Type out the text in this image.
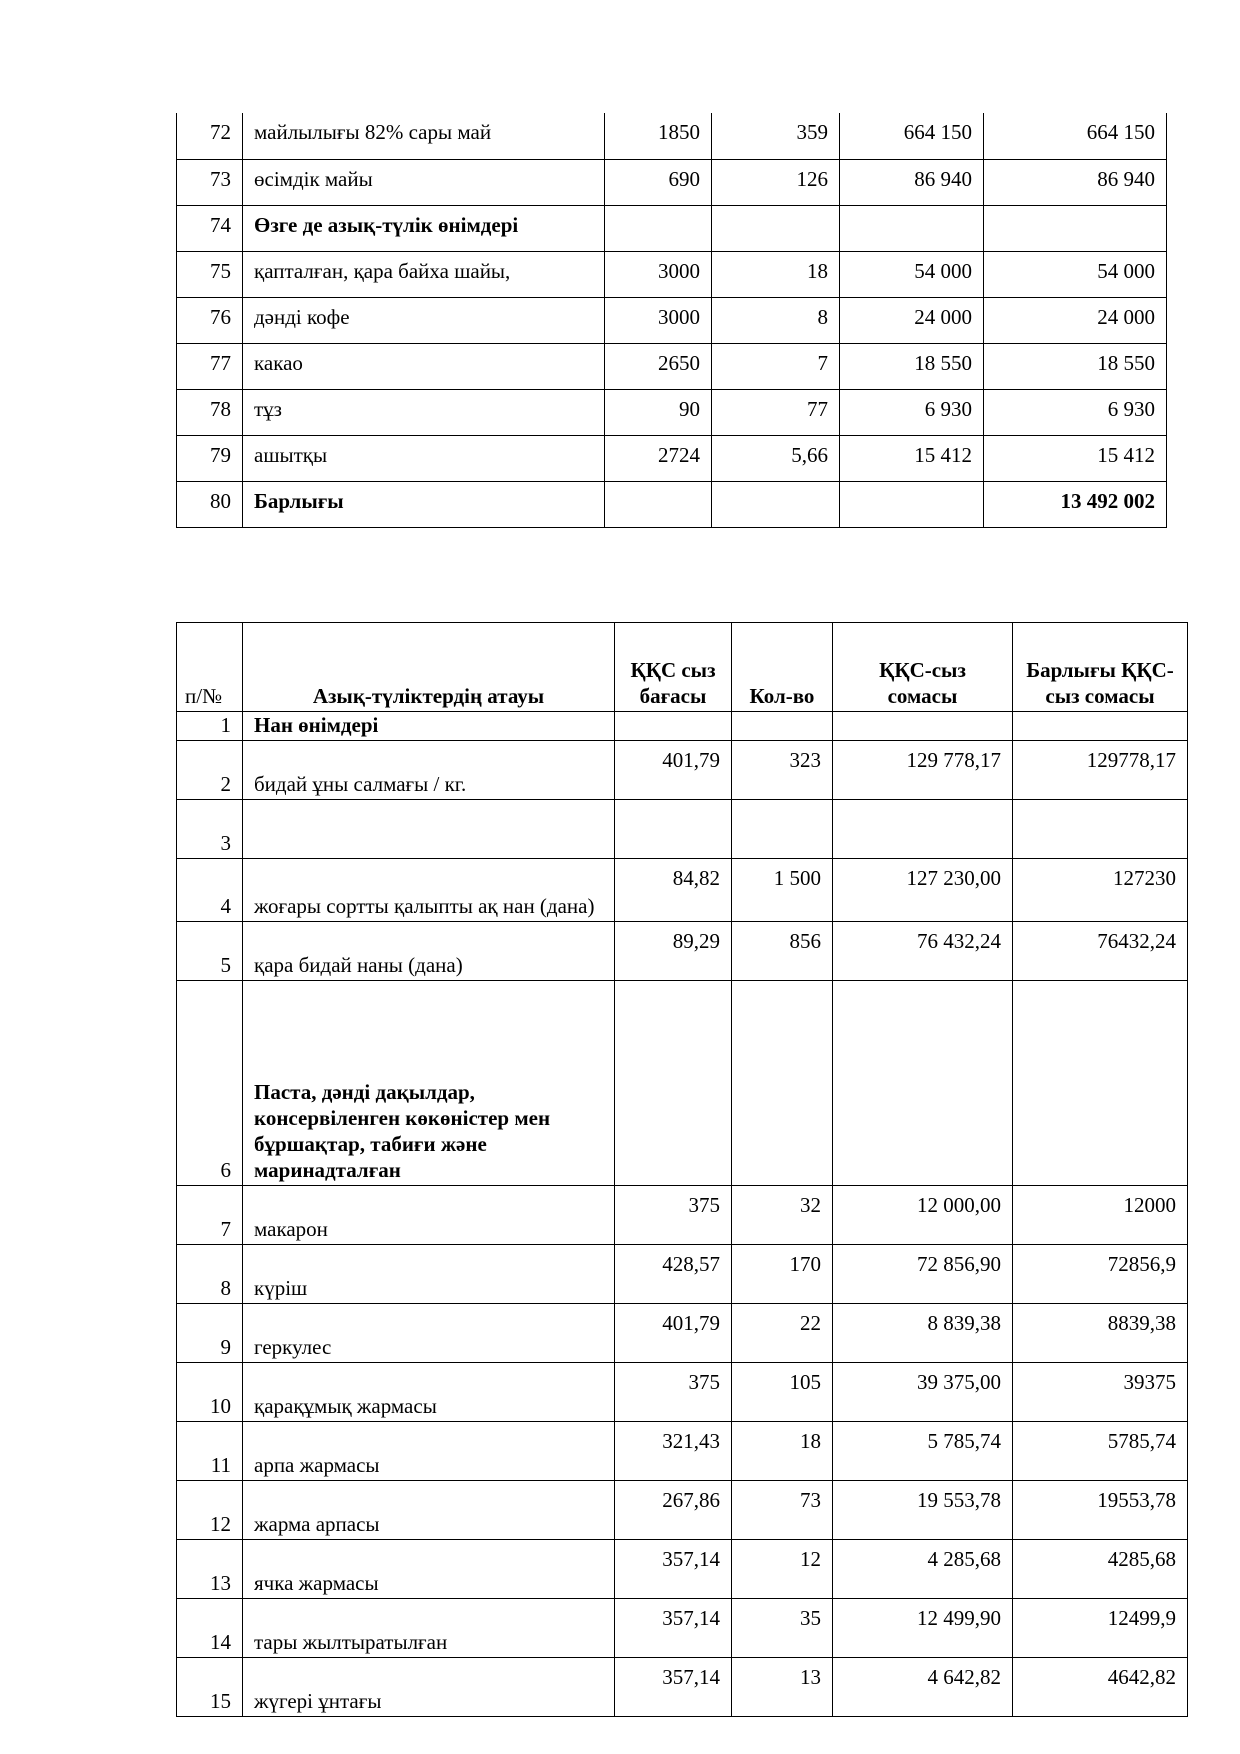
72	майлылығы 82% сары май	1850	359	664 150	664 150
73	өсімдік майы	690	126	86 940	86 940
74	Өзге де азық-түлік өнімдері				
75	қапталған, қара байха шайы,	3000	18	54 000	54 000
76	дәнді кофе	3000	8	24 000	24 000
77	какао	2650	7	18 550	18 550
78	тұз	90	77	6 930	6 930
79	ашытқы	2724	5,66	15 412	15 412
80	Барлығы				13 492 002
п/№	Азық-түліктердің атауы	ҚҚС сыз бағасы	Кол-во	ҚҚС-сыз сомасы	Барлығы ҚҚС-сыз сомасы
1	Нан өнімдері				
2	бидай ұны салмағы / кг.	401,79	323	129 778,17	129778,17
3					
4	жоғары сортты қалыпты ақ нан (дана)	84,82	1 500	127 230,00	127230
5	қара бидай наны (дана)	89,29	856	76 432,24	76432,24
6	Паста, дәнді дақылдар, консервіленген көкөністер мен бұршақтар, табиғи және маринадталған				
7	макарон	375	32	12 000,00	12000
8	күріш	428,57	170	72 856,90	72856,9
9	геркулес	401,79	22	8 839,38	8839,38
10	қарақұмық жармасы	375	105	39 375,00	39375
11	арпа жармасы	321,43	18	5 785,74	5785,74
12	жарма арпасы	267,86	73	19 553,78	19553,78
13	ячка жармасы	357,14	12	4 285,68	4285,68
14	тары жылтыратылған	357,14	35	12 499,90	12499,9
15	жүгері ұнтағы	357,14	13	4 642,82	4642,82
